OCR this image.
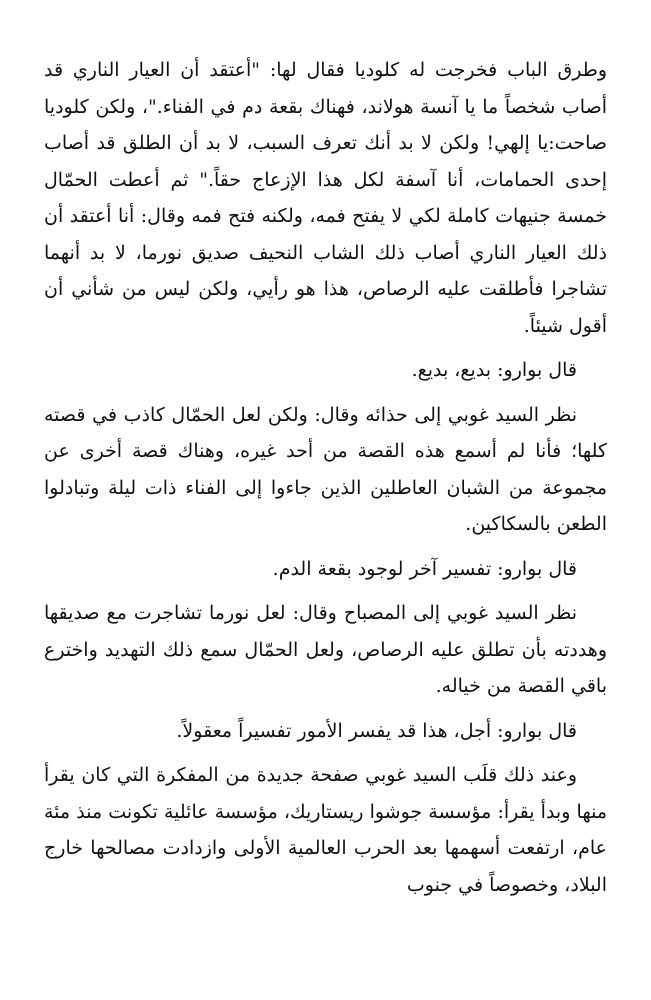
وطرق الباب فخرجت له كلوديا فقال لها: "أعتقد أن العيار الناري قد أصاب شخصاً ما يا آنسة هولاند، فهناك بقعة دم في الفناء."، ولكن كلوديا صاحت:يا إلهي! ولكن لا بد أنك تعرف السبب، لا بد أن الطلق قد أصاب إحدى الحمامات، أنا آسفة لكل هذا الإزعاج حقاً." ثم أعطت الحمّال خمسة جنيهات كاملة لكي لا يفتح فمه، ولكنه فتح فمه وقال: أنا أعتقد أن ذلك العيار الناري أصاب ذلك الشاب النحيف صديق نورما، لا بد أنهما تشاجرا فأطلقت عليه الرصاص، هذا هو رأيي، ولكن ليس من شأني أن أقول شيئاً.

قال بوارو: بديع، بديع.

نظر السيد غوبي إلى حذائه وقال: ولكن لعل الحمّال كاذب في قصته كلها؛ فأنا لم أسمع هذه القصة من أحد غيره، وهناك قصة أخرى عن مجموعة من الشبان العاطلين الذين جاءوا إلى الفناء ذات ليلة وتبادلوا الطعن بالسكاكين.

قال بوارو: تفسير آخر لوجود بقعة الدم.

نظر السيد غوبي إلى المصباح وقال: لعل نورما تشاجرت مع صديقها وهددته بأن تطلق عليه الرصاص، ولعل الحمّال سمع ذلك التهديد واخترع باقي القصة من خياله.

قال بوارو: أجل، هذا قد يفسر الأمور تفسيراً معقولاً.

وعند ذلك قلَب السيد غوبي صفحة جديدة من المفكرة التي كان يقرأ منها وبدأ يقرأ: مؤسسة جوشوا ريستاريك، مؤسسة عائلية تكونت منذ مئة عام، ارتفعت أسهمها بعد الحرب العالمية الأولى وازدادت مصالحها خارج البلاد، وخصوصاً في جنوب
